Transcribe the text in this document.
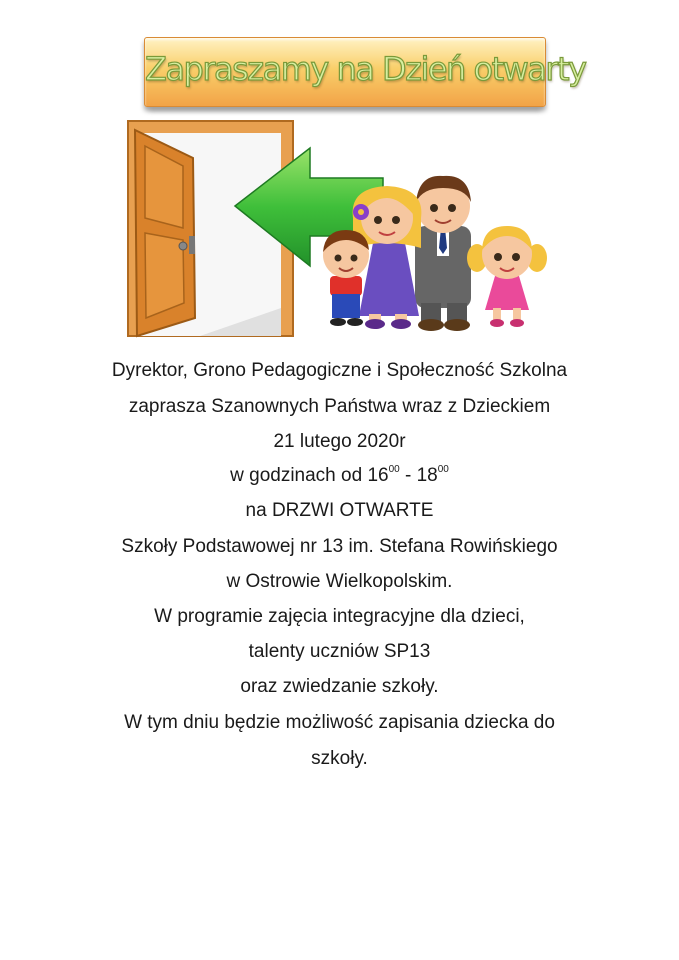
Zapraszamy na Dzień otwarty
Dyrektor, Grono Pedagogiczne i Społeczność Szkolna
zaprasza Szanownych Państwa wraz z Dzieckiem
21 lutego 2020r
w godzinach od $16^{00} - 18^{00}$
na DRZWI OTWARTE
Szkoły Podstawowej nr 13 im. Stefana Rowińskiego
w Ostrowie Wielkopolskim.
W programie zajęcia integracyjne dla dzieci,
talenty uczniów SP13
oraz zwiedzanie szkoły.
W tym dniu będzie możliwość zapisania dziecka do
szkoły.
